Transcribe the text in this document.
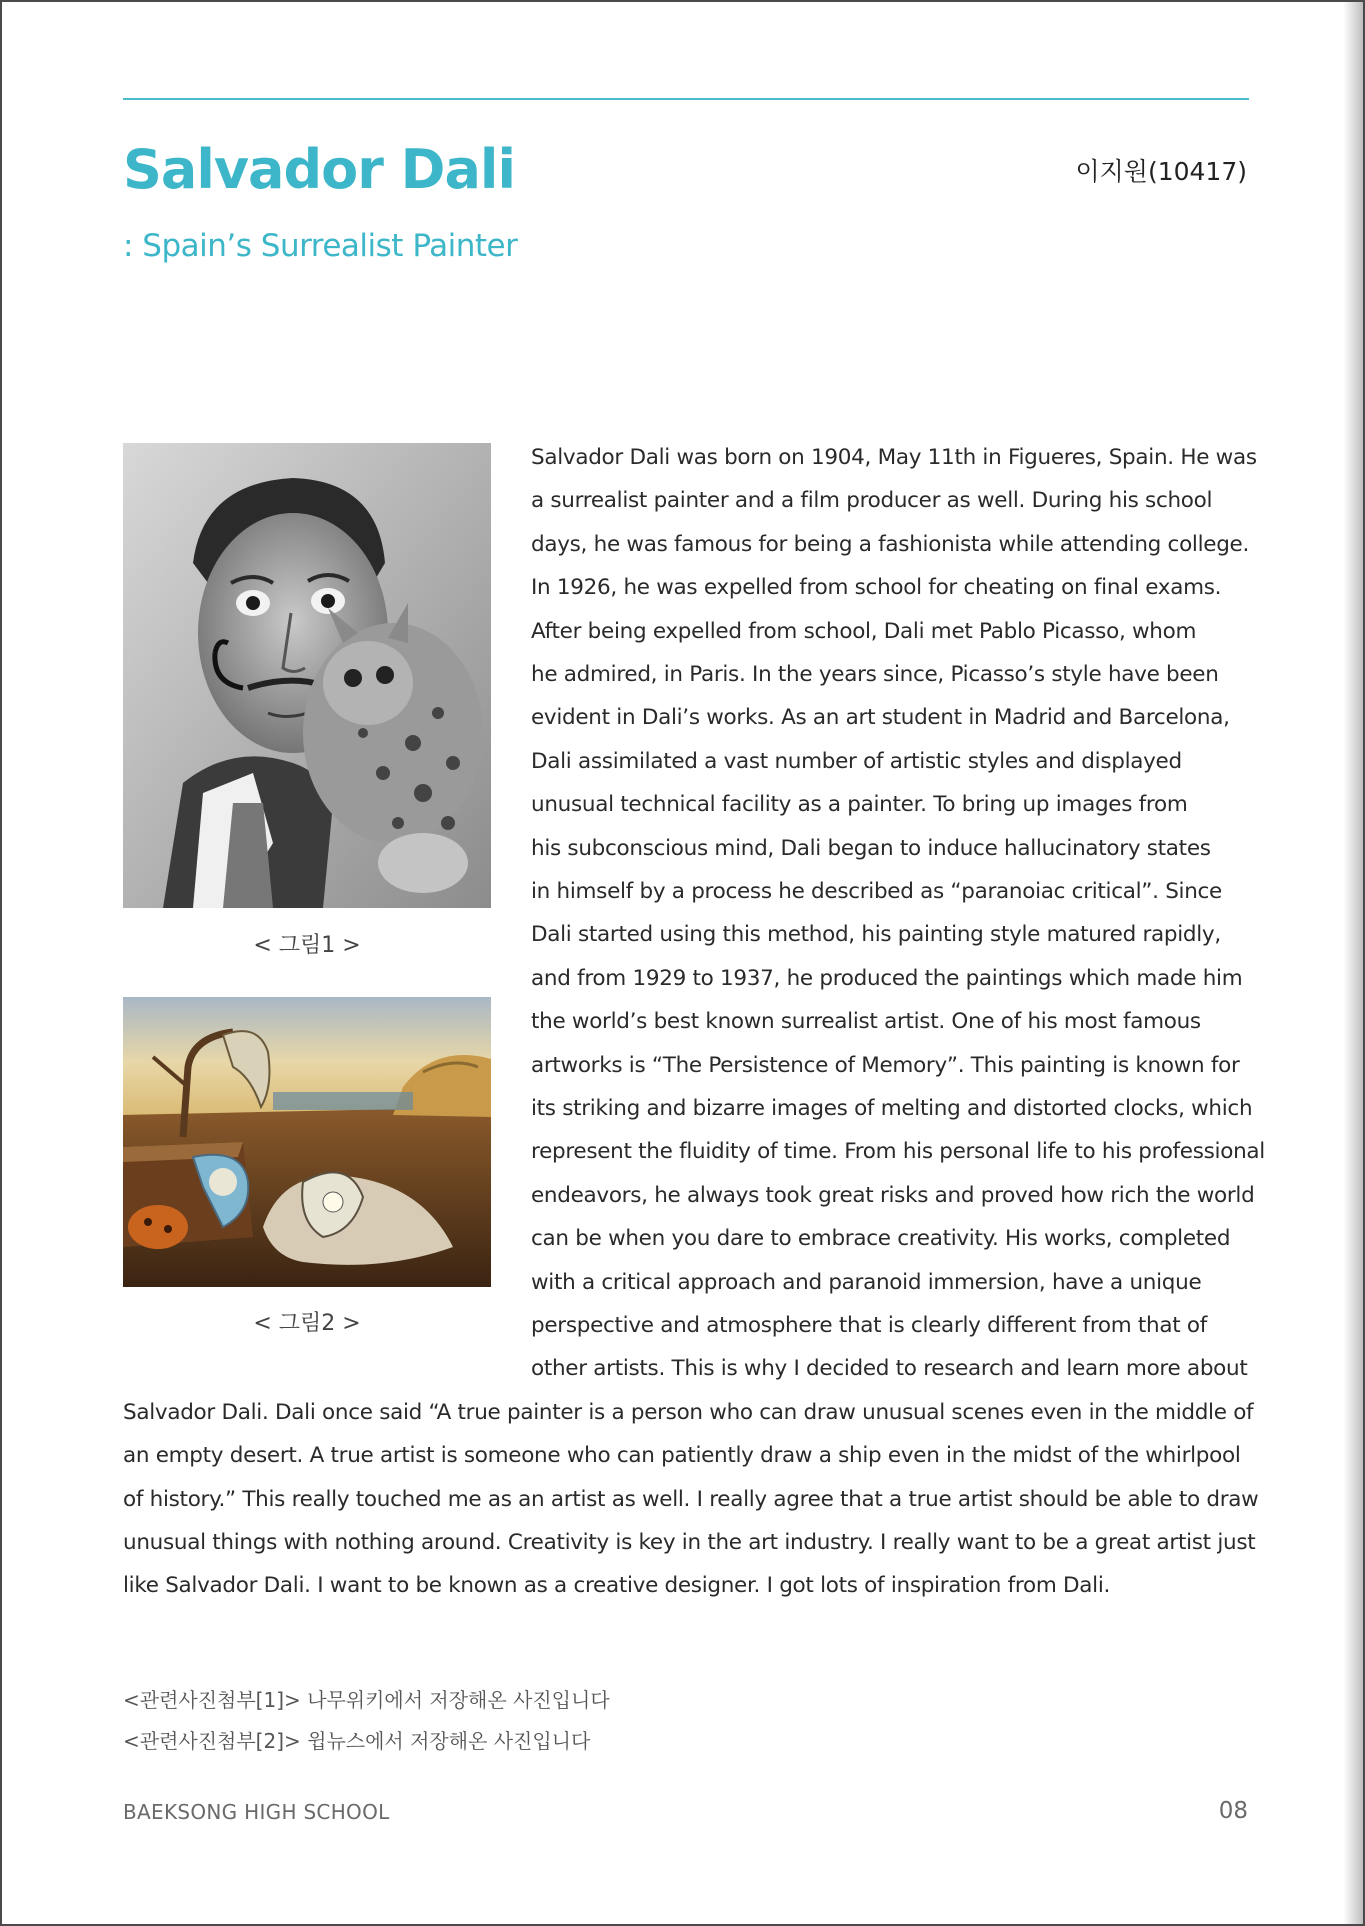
Salvador Dali
: Spain’s Surrealist Painter
이지원(10417)
< 그림1 >
< 그림2 >
Salvador Dali was born on 1904, May 11th in Figueres, Spain. He was
a surrealist painter and a film producer as well. During his school
days, he was famous for being a fashionista while attending college.
In 1926, he was expelled from school for cheating on final exams.
After being expelled from school, Dali met Pablo Picasso, whom
he admired, in Paris. In the years since, Picasso’s style have been
evident in Dali’s works. As an art student in Madrid and Barcelona,
Dali assimilated a vast number of artistic styles and displayed
unusual technical facility as a painter. To bring up images from
his subconscious mind, Dali began to induce hallucinatory states
in himself by a process he described as “paranoiac critical”. Since
Dali started using this method, his painting style matured rapidly,
and from 1929 to 1937, he produced the paintings which made him
the world’s best known surrealist artist. One of his most famous
artworks is “The Persistence of Memory”. This painting is known for
its striking and bizarre images of melting and distorted clocks, which
represent the fluidity of time. From his personal life to his professional
endeavors, he always took great risks and proved how rich the world
can be when you dare to embrace creativity. His works, completed
with a critical approach and paranoid immersion, have a unique
perspective and atmosphere that is clearly different from that of
other artists. This is why I decided to research and learn more about
Salvador Dali. Dali once said “A true painter is a person who can draw unusual scenes even in the middle of
an empty desert. A true artist is someone who can patiently draw a ship even in the midst of the whirlpool
of history.” This really touched me as an artist as well. I really agree that a true artist should be able to draw
unusual things with nothing around. Creativity is key in the art industry. I really want to be a great artist just
like Salvador Dali. I want to be known as a creative designer. I got lots of inspiration from Dali.
<관련사진첨부[1]> 나무위키에서 저장해온 사진입니다
<관련사진첨부[2]> 윕뉴스에서 저장해온 사진입니다
BAEKSONG HIGH SCHOOL	08
